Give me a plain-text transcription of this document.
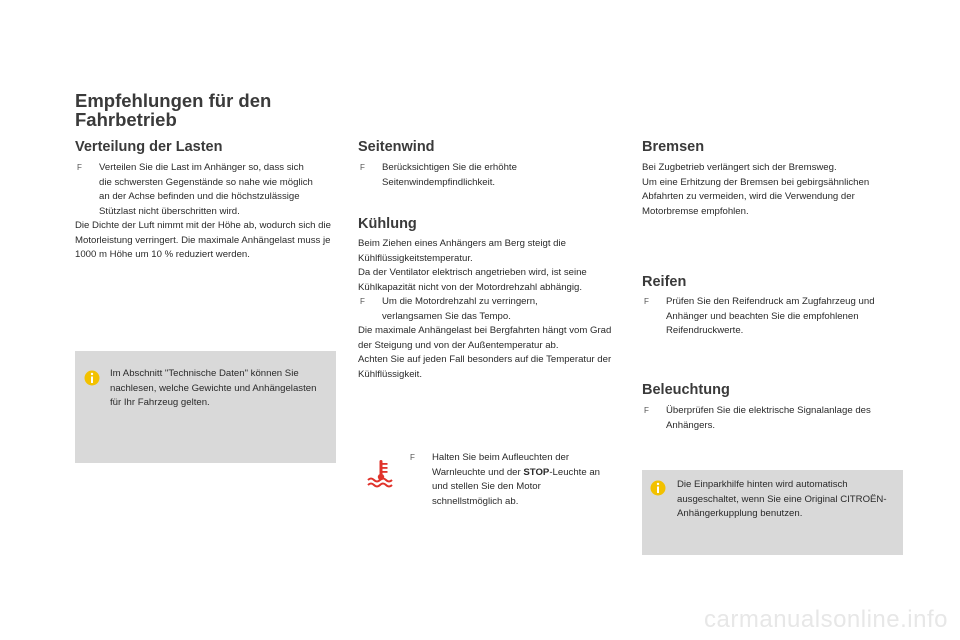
Empfehlungen für den Fahrbetrieb
Verteilung der Lasten

F Verteilen Sie die Last im Anhänger so, dass sich die schwersten Gegenstände so nahe wie möglich an der Achse befinden und die höchstzulässige Stützlast nicht überschritten wird.

Die Dichte der Luft nimmt mit der Höhe ab, wodurch sich die Motorleistung verringert. Die maximale Anhängelast muss je 1000 m Höhe um 10 % reduziert werden.

Im Abschnitt "Technische Daten" können Sie nachlesen, welche Gewichte und Anhängelasten für Ihr Fahrzeug gelten.
Seitenwind

F Berücksichtigen Sie die erhöhte Seitenwindempfindlichkeit.

Kühlung

Beim Ziehen eines Anhängers am Berg steigt die Kühlflüssigkeitstemperatur.

Da der Ventilator elektrisch angetrieben wird, ist seine Kühlkapazität nicht von der Motordrehzahl abhängig.

F Um die Motordrehzahl zu verringern, verlangsamen Sie das Tempo.

Die maximale Anhängelast bei Bergfahrten hängt vom Grad der Steigung und von der Außentemperatur ab.

Achten Sie auf jeden Fall besonders auf die Temperatur der Kühlflüssigkeit.

F Halten Sie beim Aufleuchten der Warnleuchte und der STOP-Leuchte an und stellen Sie den Motor schnellstmöglich ab.

Bremsen

Bei Zugbetrieb verlängert sich der Bremsweg.

Um eine Erhitzung der Bremsen bei gebirgsähnlichen Abfahrten zu vermeiden, wird die Verwendung der Motorbremse empfohlen.

Reifen

F Prüfen Sie den Reifendruck am Zugfahrzeug und Anhänger und beachten Sie die empfohlenen Reifendruckwerte.

Beleuchtung

F Überprüfen Sie die elektrische Signalanlage des Anhängers.

Die Einparkhilfe hinten wird automatisch ausgeschaltet, wenn Sie eine Original CITROËN-Anhängerkupplung benutzen.
carmanualsonline.info
